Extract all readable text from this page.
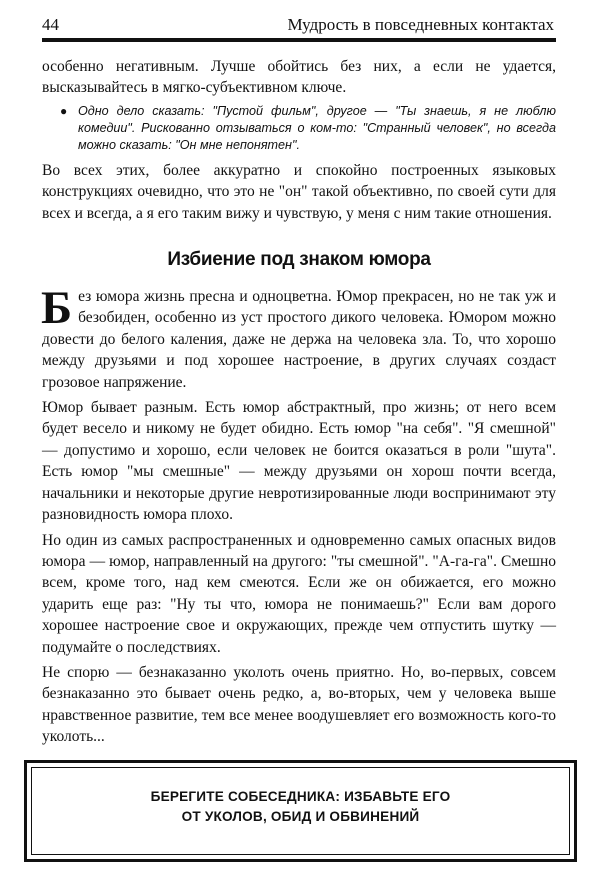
44	Мудрость в повседневных контактах

особенно негативным. Лучше обойтись без них, а если не удается, высказывайтесь в мягко-субъективном ключе.

● Одно дело сказать: "Пустой фильм", другое — "Ты знаешь, я не люблю комедии". Рискованно отзываться о ком-то: "Странный человек", но всегда можно сказать: "Он мне непонятен".

Во всех этих, более аккуратно и спокойно построенных языковых конструкциях очевидно, что это не "он" такой объективно, по своей сути для всех и всегда, а я его таким вижу и чувствую, у меня с ним такие отношения.

Избиение под знаком юмора

Без юмора жизнь пресна и одноцветна. Юмор прекрасен, но не так уж и безобиден, особенно из уст простого дикого человека. Юмором можно довести до белого каления, даже не держа на человека зла. То, что хорошо между друзьями и под хорошее настроение, в других случаях создаст грозовое напряжение.

Юмор бывает разным. Есть юмор абстрактный, про жизнь; от него всем будет весело и никому не будет обидно. Есть юмор "на себя". "Я смешной" — допустимо и хорошо, если человек не боится оказаться в роли "шута". Есть юмор "мы смешные" — между друзьями он хорош почти всегда, начальники и некоторые другие невротизированные люди воспринимают эту разновидность юмора плохо.

Но один из самых распространенных и одновременно самых опасных видов юмора — юмор, направленный на другого: "ты смешной". "А-га-га". Смешно всем, кроме того, над кем смеются. Если же он обижается, его можно ударить еще раз: "Ну ты что, юмора не понимаешь?" Если вам дорого хорошее настроение свое и окружающих, прежде чем отпустить шутку — подумайте о последствиях.

Не спорю — безнаказанно уколоть очень приятно. Но, во-первых, совсем безнаказанно это бывает очень редко, а, во-вторых, чем у человека выше нравственное развитие, тем все менее воодушевляет его возможность кого-то уколоть...

БЕРЕГИТЕ СОБЕСЕДНИКА: ИЗБАВЬТЕ ЕГО
ОТ УКОЛОВ, ОБИД И ОБВИНЕНИЙ
